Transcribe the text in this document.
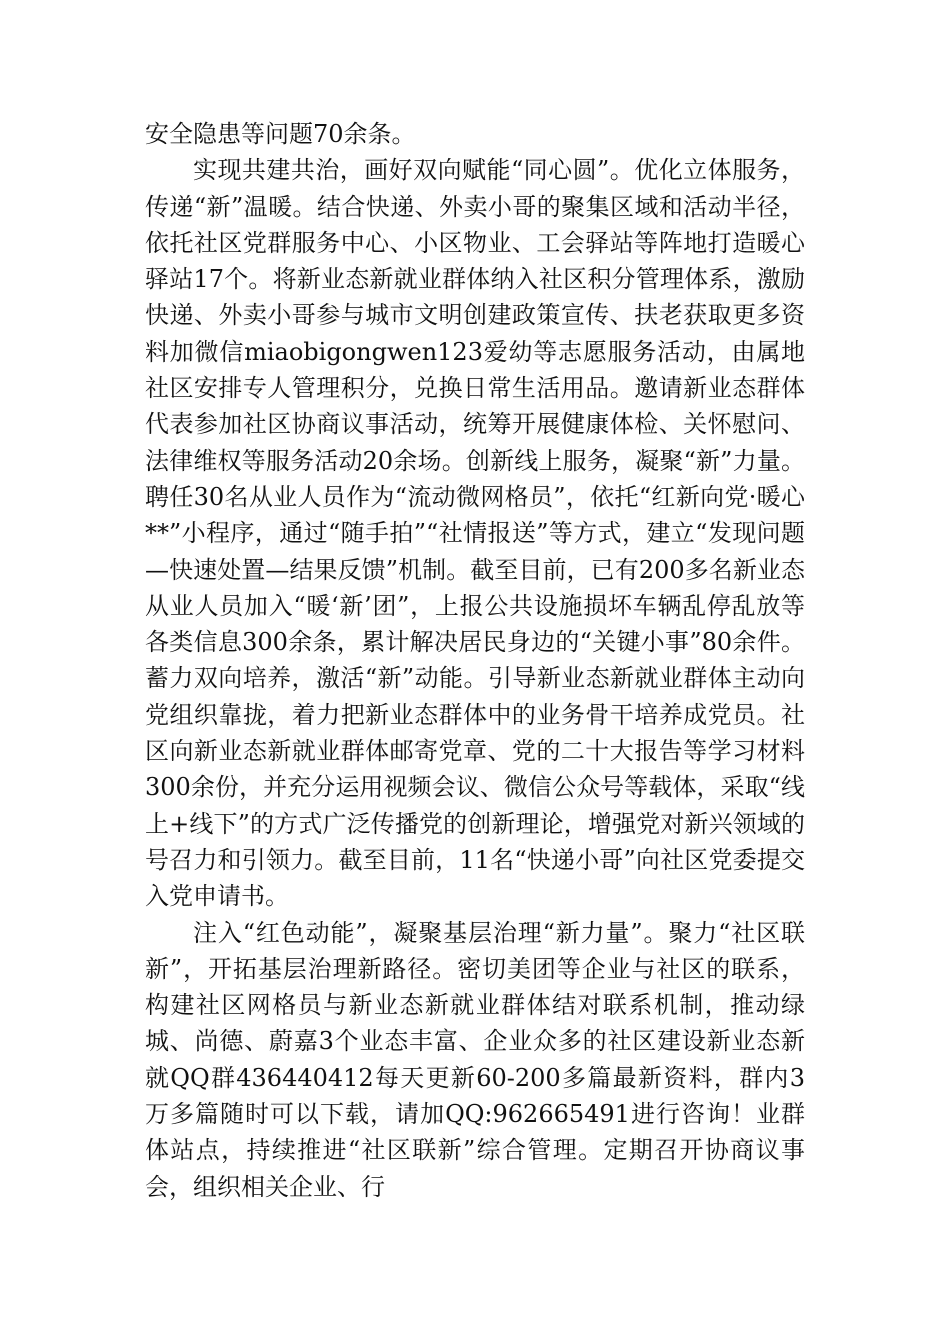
安全隐患等问题70余条。

实现共建共治，画好双向赋能“同心圆”。优化立体服务，传递“新”温暖。结合快递、外卖小哥的聚集区域和活动半径，依托社区党群服务中心、小区物业、工会驿站等阵地打造暖心驿站17个。将新业态新就业群体纳入社区积分管理体系，激励快递、外卖小哥参与城市文明创建政策宣传、扶老获取更多资料加微信miaobigongwen123爱幼等志愿服务活动，由属地社区安排专人管理积分，兑换日常生活用品。邀请新业态群体代表参加社区协商议事活动，统筹开展健康体检、关怀慰问、法律维权等服务活动20余场。创新线上服务，凝聚“新”力量。聘任30名从业人员作为“流动微网格员”，依托“红新向党·暖心**”小程序，通过“随手拍”“社情报送”等方式，建立“发现问题—快速处置—结果反馈”机制。截至目前，已有200多名新业态从业人员加入“暖‘新’团”，上报公共设施损坏车辆乱停乱放等各类信息300余条，累计解决居民身边的“关键小事”80余件。蓄力双向培养，激活“新”动能。引导新业态新就业群体主动向党组织靠拢，着力把新业态群体中的业务骨干培养成党员。社区向新业态新就业群体邮寄党章、党的二十大报告等学习材料300余份，并充分运用视频会议、微信公众号等载体，采取“线上+线下”的方式广泛传播党的创新理论，增强党对新兴领域的号召力和引领力。截至目前，11名“快递小哥”向社区党委提交入党申请书。

注入“红色动能”，凝聚基层治理“新力量”。聚力“社区联新”，开拓基层治理新路径。密切美团等企业与社区的联系，构建社区网格员与新业态新就业群体结对联系机制，推动绿城、尚德、蔚嘉3个业态丰富、企业众多的社区建设新业态新就QQ群436440412每天更新60-200多篇最新资料，群内3万多篇随时可以下载，请加QQ:962665491进行咨询！业群体站点，持续推进“社区联新”综合管理。定期召开协商议事会，组织相关企业、行
